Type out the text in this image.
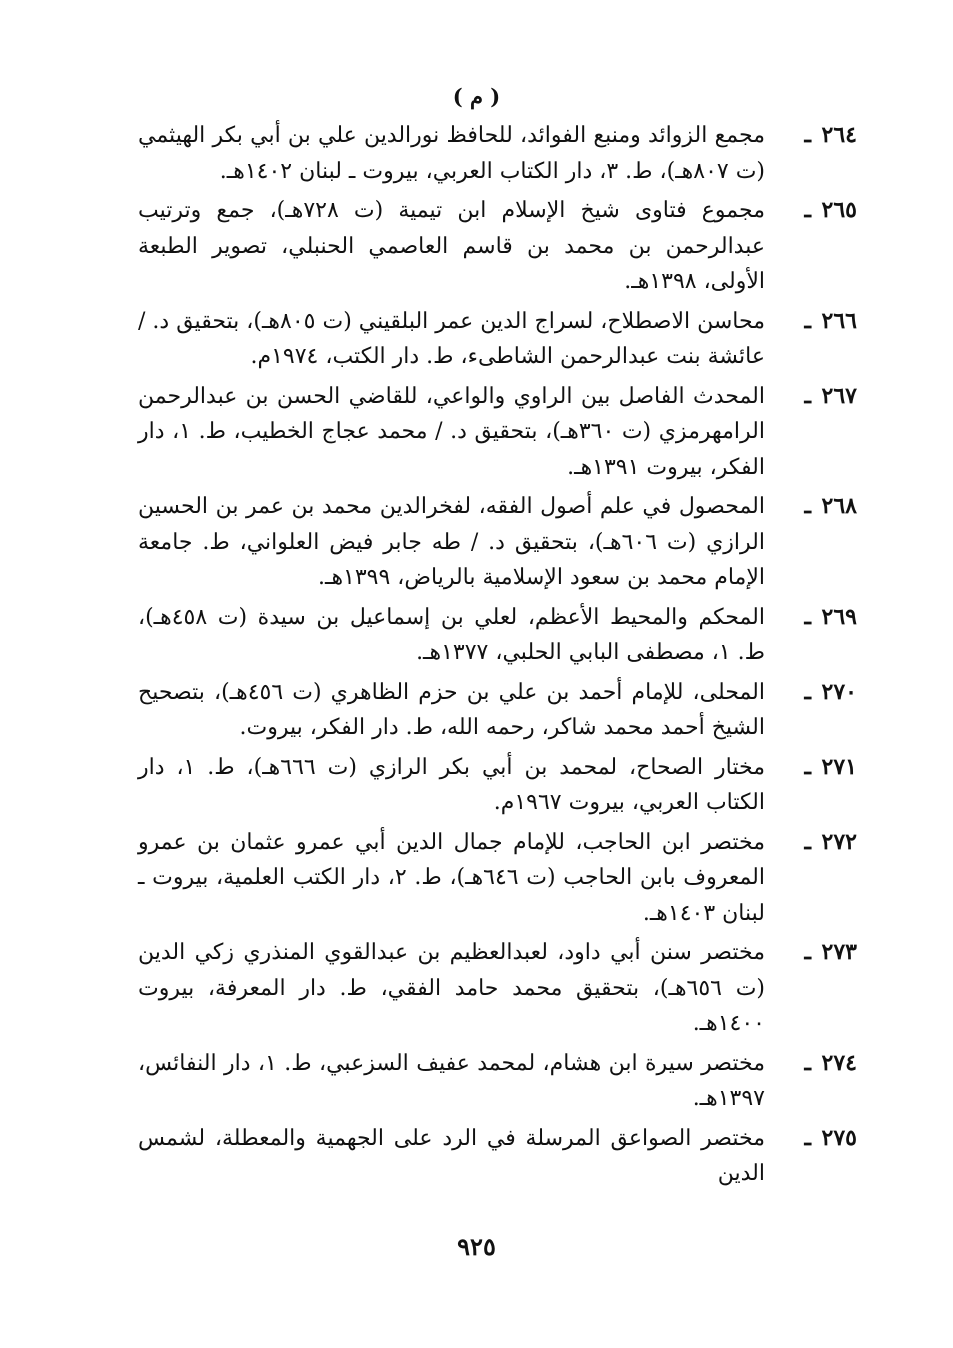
( م )
٢٦٤
ـ
مجمع الزوائد ومنبع الفوائد، للحافظ نورالدين علي بن أبي بكر الهيثمي (ت ٨٠٧هـ)، ط. ٣، دار الكتاب العربي، بيروت ـ لبنان ١٤٠٢هـ.
٢٦٥
ـ
مجموع فتاوى شيخ الإسلام ابن تيمية (ت ٧٢٨هـ)، جمع وترتيب عبدالرحمن بن محمد بن قاسم العاصمي الحنبلي، تصوير الطبعة الأولى، ١٣٩٨هـ.
٢٦٦
ـ
محاسن الاصطلاح، لسراج الدين عمر البلقيني (ت ٨٠٥هـ)، بتحقيق د. / عائشة بنت عبدالرحمن الشاطىء، ط. دار الكتب، ١٩٧٤م.
٢٦٧
ـ
المحدث الفاصل بين الراوي والواعي، للقاضي الحسن بن عبدالرحمن الرامهرمزي (ت ٣٦٠هـ)، بتحقيق د. / محمد عجاج الخطيب، ط. ١، دار الفكر، بيروت ١٣٩١هـ.
٢٦٨
ـ
المحصول في علم أصول الفقه، لفخرالدين محمد بن عمر بن الحسين الرازي (ت ٦٠٦هـ)، بتحقيق د. / طه جابر فيض العلواني، ط. جامعة الإمام محمد بن سعود الإسلامية بالرياض، ١٣٩٩هـ.
٢٦٩
ـ
المحكم والمحيط الأعظم، لعلي بن إسماعيل بن سيدة (ت ٤٥٨هـ)، ط. ١، مصطفى البابي الحلبي، ١٣٧٧هـ.
٢٧٠
ـ
المحلى، للإمام أحمد بن علي بن حزم الظاهري (ت ٤٥٦هـ)، بتصحيح الشيخ أحمد محمد شاكر، رحمه الله، ط. دار الفكر، بيروت.
٢٧١
ـ
مختار الصحاح، لمحمد بن أبي بكر الرازي (ت ٦٦٦هـ)، ط. ١، دار الكتاب العربي، بيروت ١٩٦٧م.
٢٧٢
ـ
مختصر ابن الحاجب، للإمام جمال الدين أبي عمرو عثمان بن عمرو المعروف بابن الحاجب (ت ٦٤٦هـ)، ط. ٢، دار الكتب العلمية، بيروت ـ لبنان ١٤٠٣هـ.
٢٧٣
ـ
مختصر سنن أبي داود، لعبدالعظيم بن عبدالقوي المنذري زكي الدين (ت ٦٥٦هـ)، بتحقيق محمد حامد الفقي، ط. دار المعرفة، بيروت ١٤٠٠هـ.
٢٧٤
ـ
مختصر سيرة ابن هشام، لمحمد عفيف السزعبي، ط. ١، دار النفائس، ١٣٩٧هـ.
٢٧٥
ـ
مختصر الصواعق المرسلة في الرد على الجهمية والمعطلة، لشمس الدين
٩٢٥
